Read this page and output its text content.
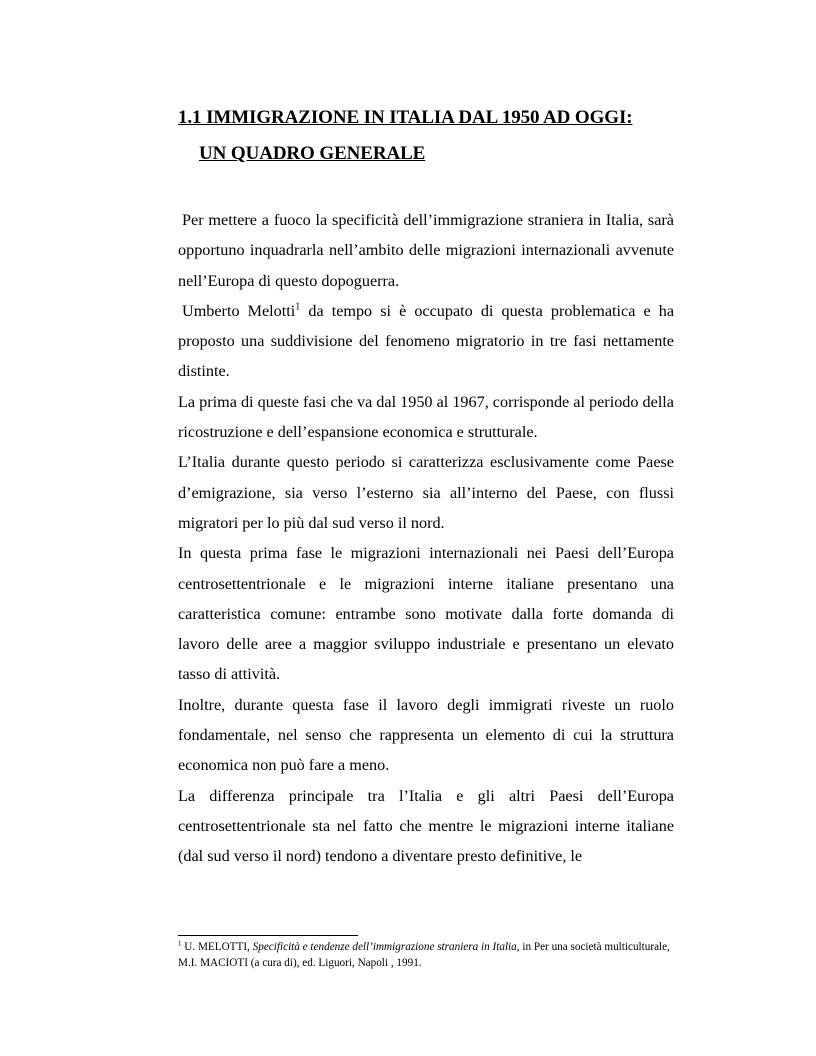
1.1 IMMIGRAZIONE IN ITALIA DAL 1950 AD OGGI:
UN QUADRO GENERALE

Per mettere a fuoco la specificità dell’immigrazione straniera in Italia, sarà opportuno inquadrarla nell’ambito delle migrazioni internazionali avvenute nell’Europa di questo dopoguerra.

Umberto Melotti$^1$ da tempo si è occupato di questa problematica e ha proposto una suddivisione del fenomeno migratorio in tre fasi nettamente distinte.

La prima di queste fasi che va dal 1950 al 1967, corrisponde al periodo della ricostruzione e dell’espansione economica e strutturale.

L’Italia durante questo periodo si caratterizza esclusivamente come Paese d’emigrazione, sia verso l’esterno sia all’interno del Paese, con flussi migratori per lo più dal sud verso il nord.

In questa prima fase le migrazioni internazionali nei Paesi dell’Europa centrosettentrionale e le migrazioni interne italiane presentano una caratteristica comune: entrambe sono motivate dalla forte domanda di lavoro delle aree a maggior sviluppo industriale e presentano un elevato tasso di attività.

Inoltre, durante questa fase il lavoro degli immigrati riveste un ruolo fondamentale, nel senso che rappresenta un elemento di cui la struttura economica non può fare a meno.

La differenza principale tra l’Italia e gli altri Paesi dell’Europa centrosettentrionale sta nel fatto che mentre le migrazioni interne italiane (dal sud verso il nord) tendono a diventare presto definitive, le

$^1$ U. MELOTTI, Specificità e tendenze dell’immigrazione straniera in Italia, in Per una società multiculturale, M.I. MACIOTI (a cura di), ed. Liguori, Napoli , 1991.
